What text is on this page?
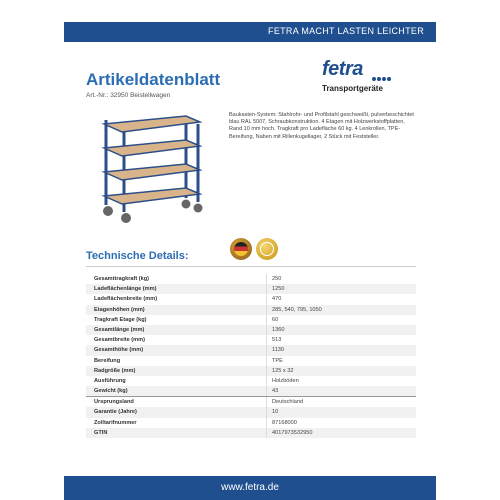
FETRA MACHT LASTEN LEICHTER
Artikeldatenblatt
Art.-Nr.: 32950 Beistellwagen
fetra
Transportgeräte
Baukasten-System: Stahlrohr- und Profilstahl geschweißt, pulverbeschichtet blau RAL 5007, Schraubkonstruktion. 4 Etagen mit Holzwerkstoffplatten, Rand 10 mm hoch. Tragkraft pro Ladefläche 60 kg. 4 Lenkrollen, TPE-Bereifung, Naben mit Rillenkugellager, 2 Stück mit Feststeller.
Technische Details:
Gesamttragkraft (kg)	250
Ladeflächenlänge (mm)	1250
Ladeflächenbreite (mm)	470
Etagenhöhen (mm)	285, 540, 795, 1050
Tragkraft Etage (kg)	60
Gesamtlänge (mm)	1360
Gesamtbreite (mm)	513
Gesamthöhe (mm)	1130
Bereifung	TPE
Radgröße (mm)	125 x 32
Ausführung	Holzböden
Gewicht (kg)	43
Ursprungsland	Deutschland
Garantie (Jahre)	10
Zolltarifnummer	87168000
GTIN	4017973532950
www.fetra.de
